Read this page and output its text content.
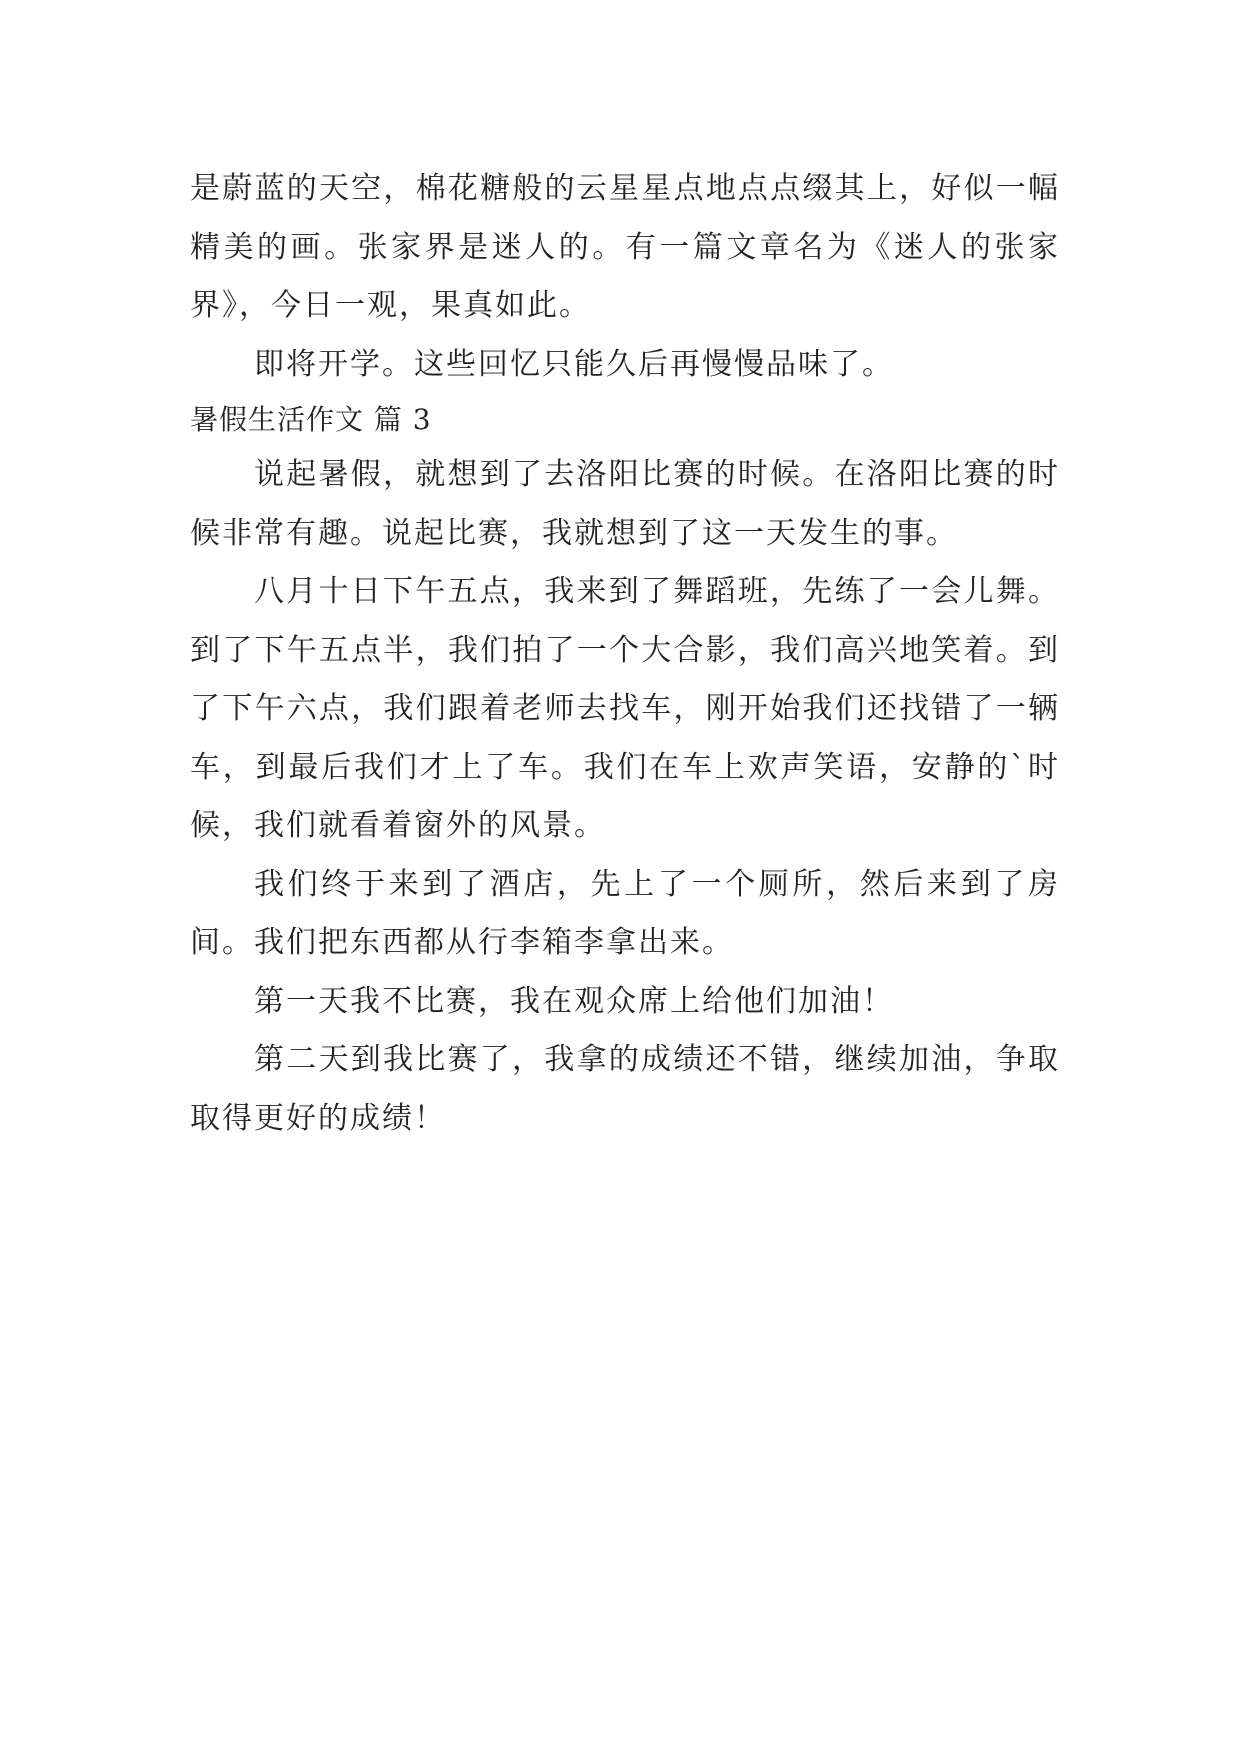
是蔚蓝的天空，棉花糖般的云星星点地点点缀其上，好似一幅精美的画。张家界是迷人的。有一篇文章名为《迷人的张家界》，今日一观，果真如此。

即将开学。这些回忆只能久后再慢慢品味了。

暑假生活作文 篇 3

说起暑假，就想到了去洛阳比赛的时候。在洛阳比赛的时候非常有趣。说起比赛，我就想到了这一天发生的事。

八月十日下午五点，我来到了舞蹈班，先练了一会儿舞。到了下午五点半，我们拍了一个大合影，我们高兴地笑着。到了下午六点，我们跟着老师去找车，刚开始我们还找错了一辆车，到最后我们才上了车。我们在车上欢声笑语，安静的`时候，我们就看着窗外的风景。

我们终于来到了酒店，先上了一个厕所，然后来到了房间。我们把东西都从行李箱李拿出来。

第一天我不比赛，我在观众席上给他们加油！

第二天到我比赛了，我拿的成绩还不错，继续加油，争取取得更好的成绩！
